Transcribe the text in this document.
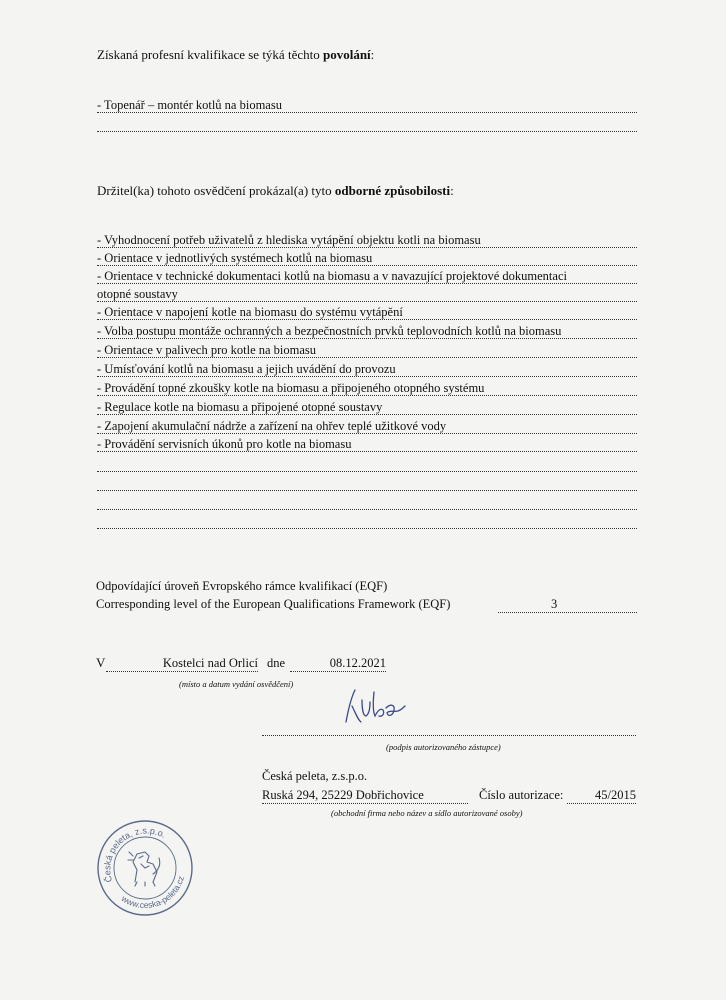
Získaná profesní kvalifikace se týká těchto povolání:
- Topenář – montér kotlů na biomasu
Držitel(ka) tohoto osvědčení prokázal(a) tyto odborné způsobilosti:
- Vyhodnocení potřeb uživatelů z hlediska vytápění objektu kotli na biomasu
- Orientace v jednotlivých systémech kotlů na biomasu
- Orientace v technické dokumentaci kotlů na biomasu a v navazující projektové dokumentaci
otopné soustavy
- Orientace v napojení kotle na biomasu do systému vytápění
- Volba postupu montáže ochranných a bezpečnostních prvků teplovodních kotlů na biomasu
- Orientace v palivech pro kotle na biomasu
- Umísťování kotlů na biomasu a jejich uvádění do provozu
- Provádění topné zkoušky kotle na biomasu a připojeného otopného systému
- Regulace kotle na biomasu a připojené otopné soustavy
- Zapojení akumulační nádrže a zařízení na ohřev teplé užitkové vody
- Provádění servisních úkonů pro kotle na biomasu
Odpovídající úroveň Evropského rámce kvalifikací (EQF)
Corresponding level of the European Qualifications Framework (EQF)	3
V	Kostelci nad Orlicí dne	08.12.2021
(místo a datum vydání osvědčení)
(podpis autorizovaného zástupce)
Česká peleta, z.s.p.o.
Ruská 294, 25229 Dobřichovice	Číslo autorizace:	45/2015
(obchodní firma nebo název a sídlo autorizované osoby)
Česká peleta, z.s.p.o.
www.ceska-peleta.cz
